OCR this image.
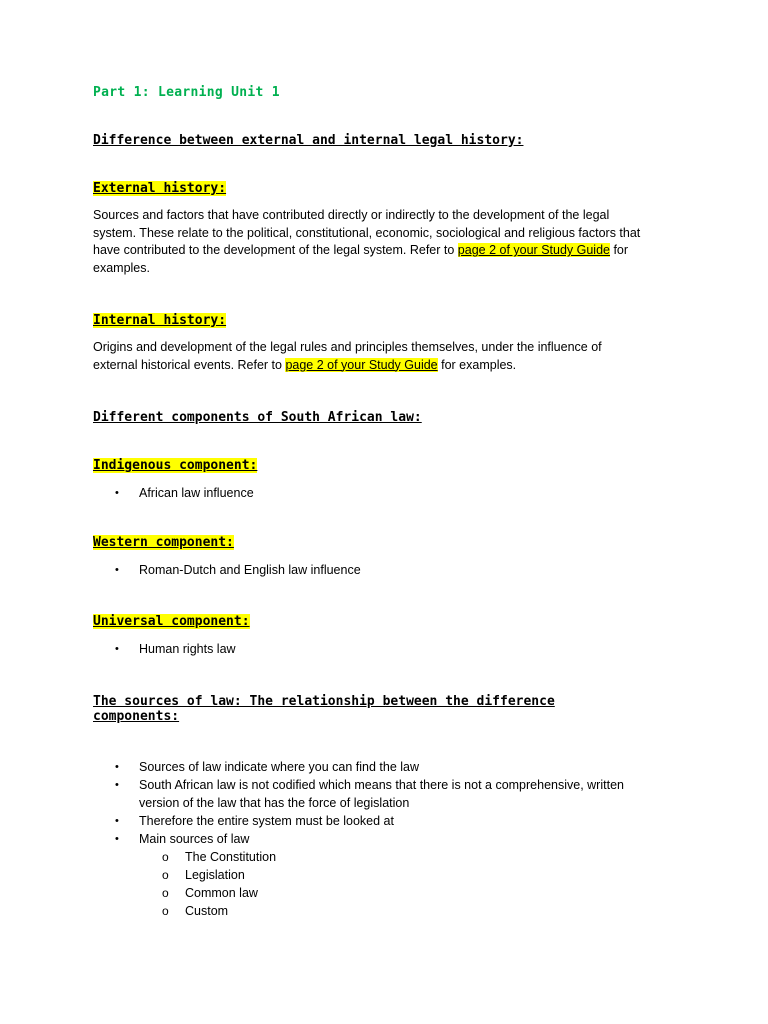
Part 1: Learning Unit 1
Difference between external and internal legal history:
External history:
Sources and factors that have contributed directly or indirectly to the development of the legal
system. These relate to the political, constitutional, economic, sociological and religious factors that
have contributed to the development of the legal system. Refer to page 2 of your Study Guide for
examples.
Internal history:
Origins and development of the legal rules and principles themselves, under the influence of
external historical events. Refer to page 2 of your Study Guide for examples.
Different components of South African law:
Indigenous component:
• African law influence
Western component:
• Roman-Dutch and English law influence
Universal component:
• Human rights law
The sources of law: The relationship between the difference
components:
• Sources of law indicate where you can find the law
• South African law is not codified which means that there is not a comprehensive, written
version of the law that has the force of legislation
• Therefore the entire system must be looked at
• Main sources of law
o The Constitution
o Legislation
o Common law
o Custom
